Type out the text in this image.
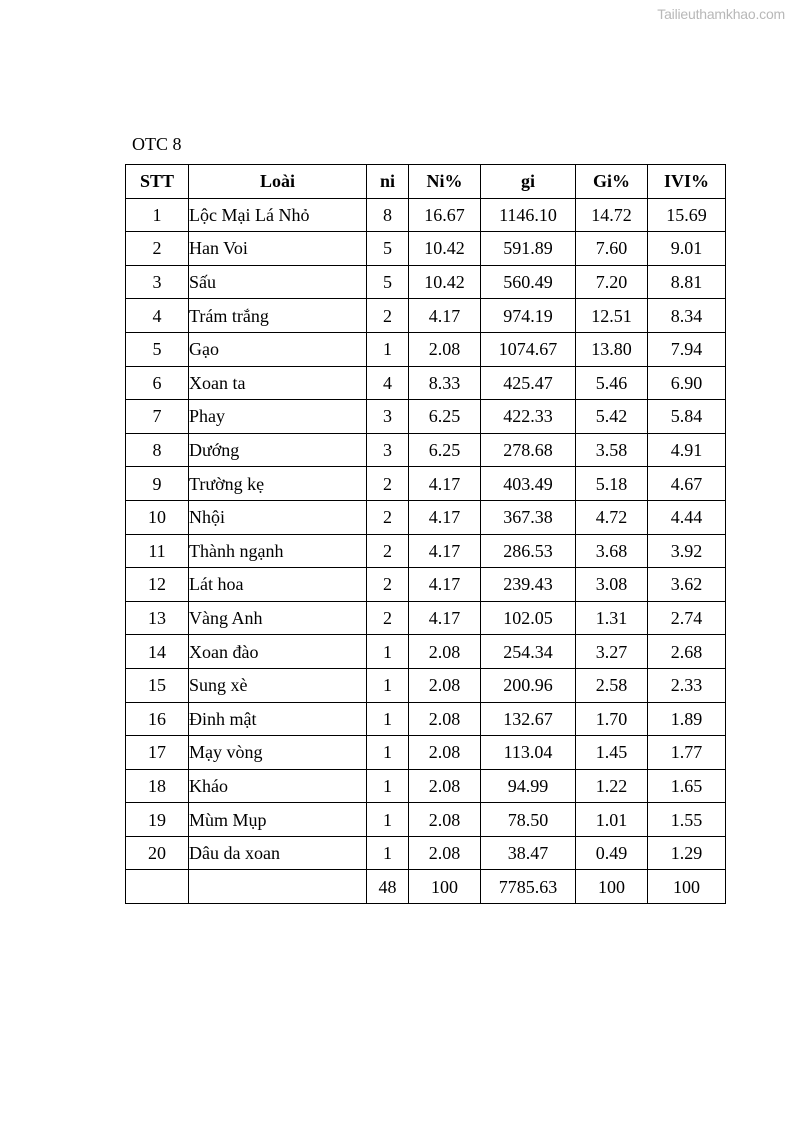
Tailieuthamkhao.com
OTC 8
STT	Loài	ni	Ni%	gi	Gi%	IVI%
1	Lộc Mại Lá Nhỏ	8	16.67	1146.10	14.72	15.69
2	Han Voi	5	10.42	591.89	7.60	9.01
3	Sấu	5	10.42	560.49	7.20	8.81
4	Trám trắng	2	4.17	974.19	12.51	8.34
5	Gạo	1	2.08	1074.67	13.80	7.94
6	Xoan ta	4	8.33	425.47	5.46	6.90
7	Phay	3	6.25	422.33	5.42	5.84
8	Dướng	3	6.25	278.68	3.58	4.91
9	Trường kẹ	2	4.17	403.49	5.18	4.67
10	Nhội	2	4.17	367.38	4.72	4.44
11	Thành ngạnh	2	4.17	286.53	3.68	3.92
12	Lát hoa	2	4.17	239.43	3.08	3.62
13	Vàng Anh	2	4.17	102.05	1.31	2.74
14	Xoan đào	1	2.08	254.34	3.27	2.68
15	Sung xè	1	2.08	200.96	2.58	2.33
16	Đinh mật	1	2.08	132.67	1.70	1.89
17	Mạy vòng	1	2.08	113.04	1.45	1.77
18	Kháo	1	2.08	94.99	1.22	1.65
19	Mùm Mụp	1	2.08	78.50	1.01	1.55
20	Dâu da xoan	1	2.08	38.47	0.49	1.29
		48	100	7785.63	100	100
